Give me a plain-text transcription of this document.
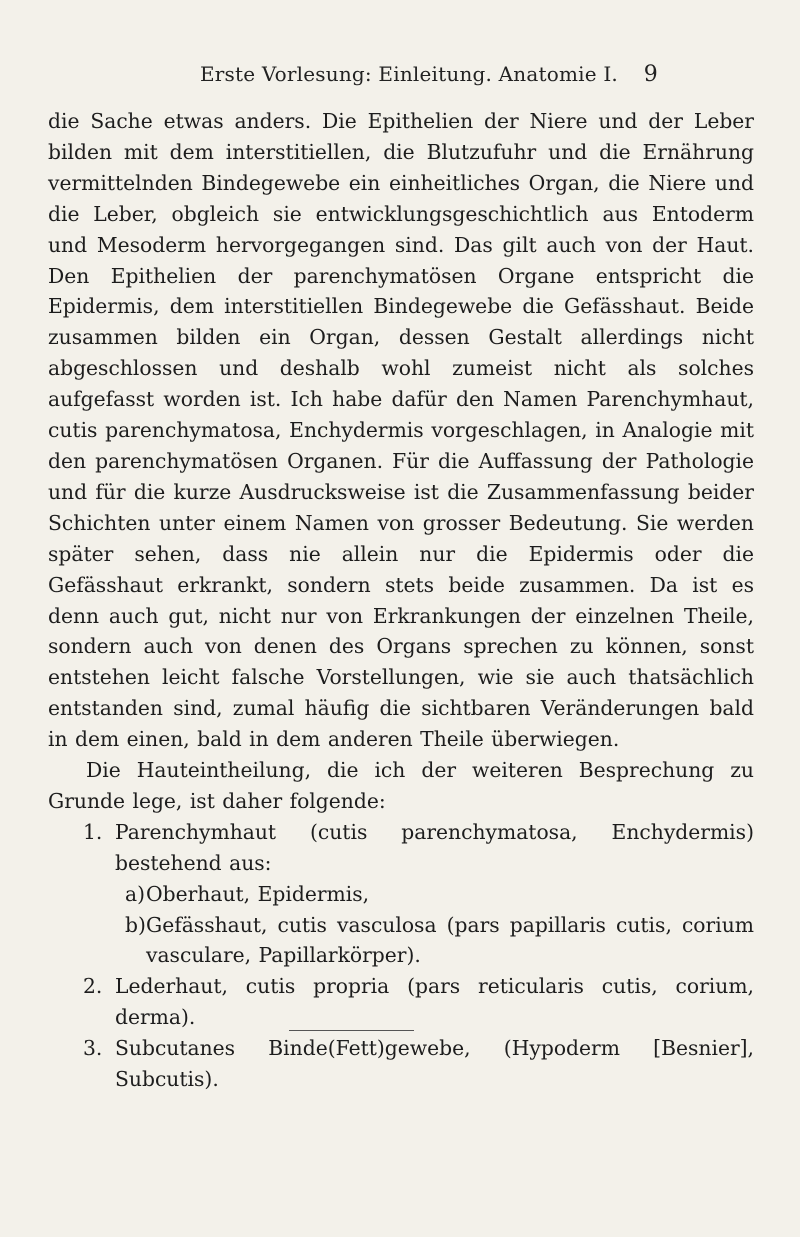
Erste Vorlesung: Einleitung. Anatomie I. 9

die Sache etwas anders. Die Epithelien der Niere und der Leber bilden mit dem interstitiellen, die Blutzufuhr und die Ernährung vermittelnden Bindegewebe ein einheitliches Organ, die Niere und die Leber, obgleich sie entwicklungsgeschichtlich aus Entoderm und Mesoderm hervorgegangen sind. Das gilt auch von der Haut. Den Epithelien der parenchymatösen Organe entspricht die Epidermis, dem interstitiellen Bindegewebe die Gefässhaut. Beide zusammen bilden ein Organ, dessen Gestalt allerdings nicht abgeschlossen und deshalb wohl zumeist nicht als solches aufgefasst worden ist. Ich habe dafür den Namen Parenchymhaut, cutis parenchymatosa, Enchydermis vorgeschlagen, in Analogie mit den parenchymatösen Organen. Für die Auffassung der Pathologie und für die kurze Ausdrucksweise ist die Zusammenfassung beider Schichten unter einem Namen von grosser Bedeutung. Sie werden später sehen, dass nie allein nur die Epidermis oder die Gefässhaut erkrankt, sondern stets beide zusammen. Da ist es denn auch gut, nicht nur von Erkrankungen der einzelnen Theile, sondern auch von denen des Organs sprechen zu können, sonst entstehen leicht falsche Vorstellungen, wie sie auch thatsächlich entstanden sind, zumal häufig die sichtbaren Veränderungen bald in dem einen, bald in dem anderen Theile überwiegen.

Die Hauteintheilung, die ich der weiteren Besprechung zu Grunde lege, ist daher folgende:

1. Parenchymhaut (cutis parenchymatosa, Enchydermis) bestehend aus:
a) Oberhaut, Epidermis,
b) Gefässhaut, cutis vasculosa (pars papillaris cutis, corium vasculare, Papillarkörper).
2. Lederhaut, cutis propria (pars reticularis cutis, corium, derma).
3. Subcutanes Binde(Fett)gewebe, (Hypoderm [Besnier], Subcutis).
